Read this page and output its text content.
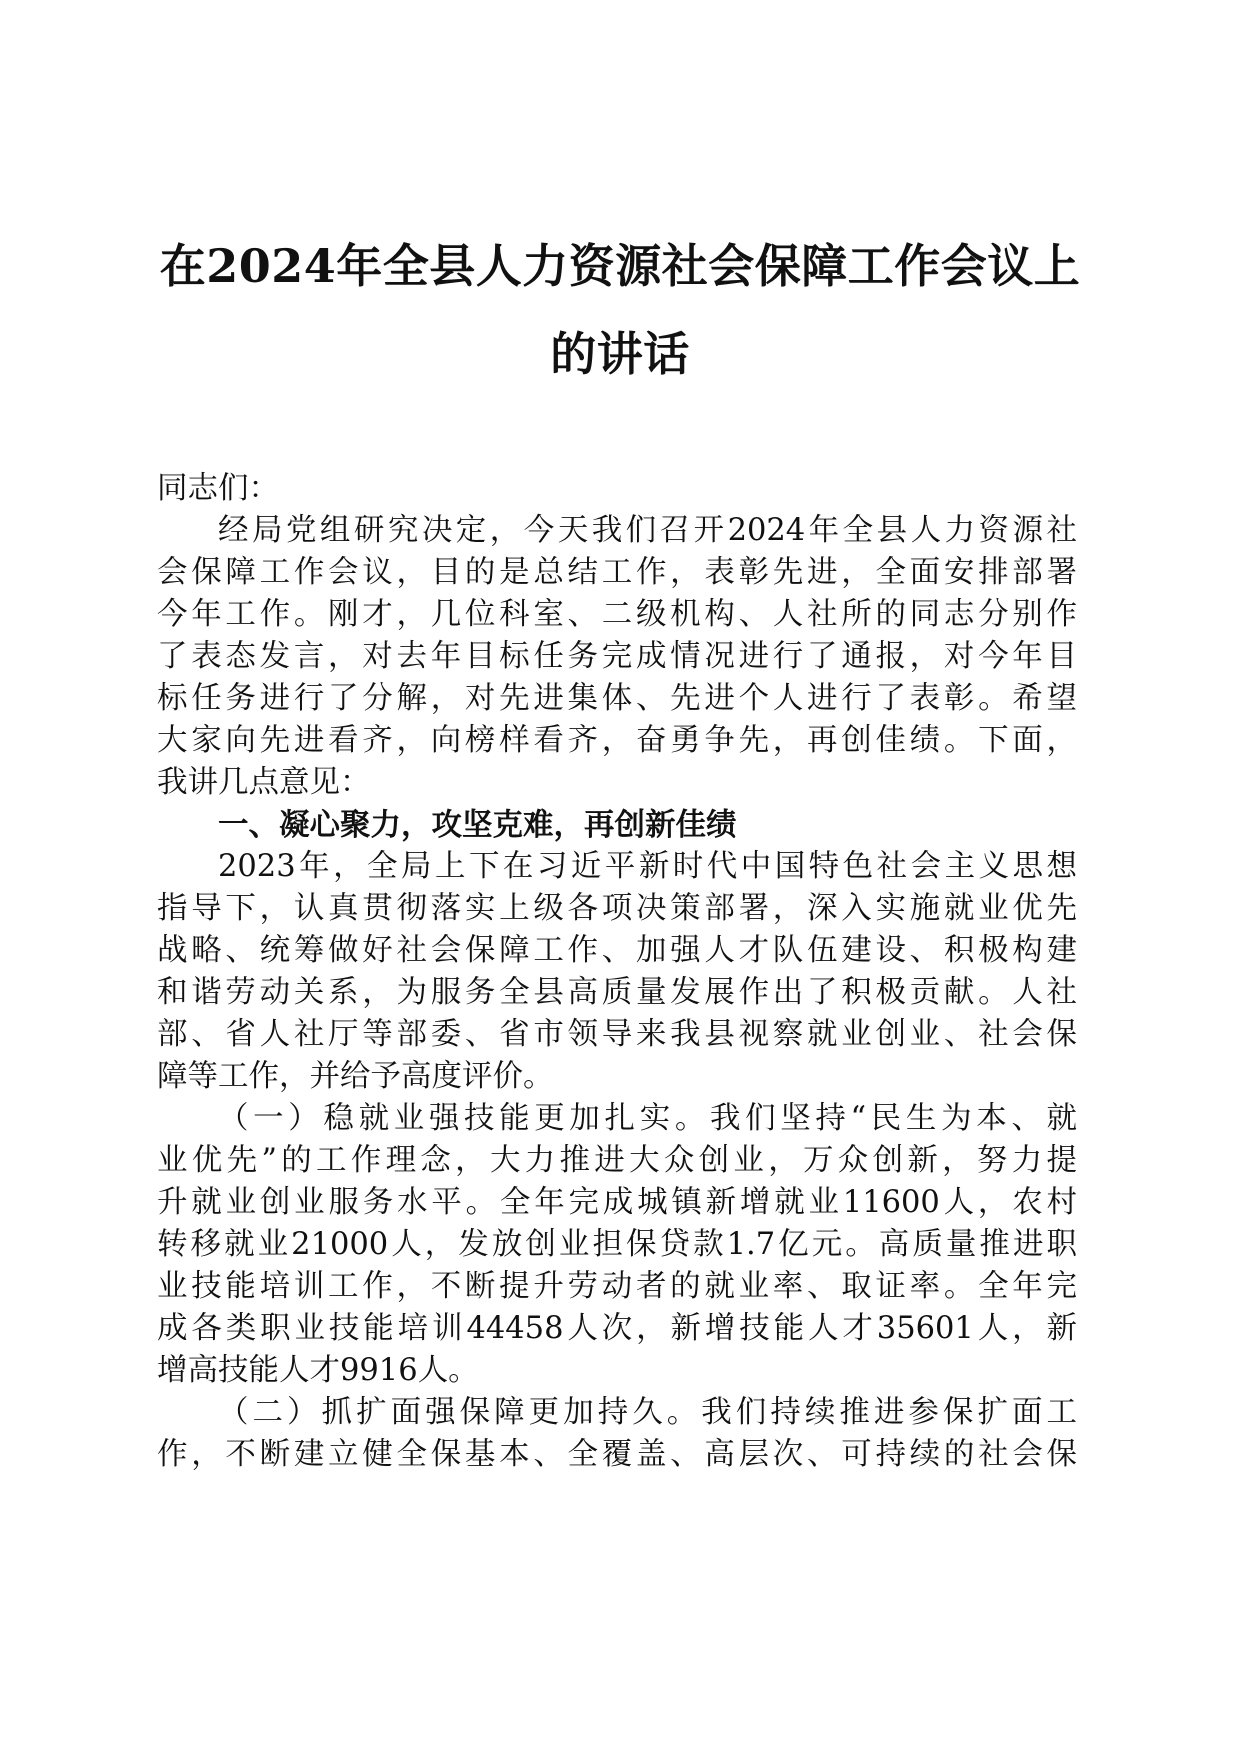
在2024年全县人力资源社会保障工作会议上
的讲话
同志们：
经局党组研究决定，今天我们召开2024年全县人力资源社
会保障工作会议，目的是总结工作，表彰先进，全面安排部署
今年工作。刚才，几位科室、二级机构、人社所的同志分别作
了表态发言，对去年目标任务完成情况进行了通报，对今年目
标任务进行了分解，对先进集体、先进个人进行了表彰。希望
大家向先进看齐，向榜样看齐，奋勇争先，再创佳绩。下面，
我讲几点意见：
一、凝心聚力，攻坚克难，再创新佳绩
2023年，全局上下在习近平新时代中国特色社会主义思想
指导下，认真贯彻落实上级各项决策部署，深入实施就业优先
战略、统筹做好社会保障工作、加强人才队伍建设、积极构建
和谐劳动关系，为服务全县高质量发展作出了积极贡献。人社
部、省人社厅等部委、省市领导来我县视察就业创业、社会保
障等工作，并给予高度评价。
（一）稳就业强技能更加扎实。我们坚持“民生为本、就
业优先”的工作理念，大力推进大众创业，万众创新，努力提
升就业创业服务水平。全年完成城镇新增就业11600人，农村
转移就业21000人，发放创业担保贷款1.7亿元。高质量推进职
业技能培训工作，不断提升劳动者的就业率、取证率。全年完
成各类职业技能培训44458人次，新增技能人才35601人，新
增高技能人才9916人。
（二）抓扩面强保障更加持久。我们持续推进参保扩面工
作，不断建立健全保基本、全覆盖、高层次、可持续的社会保
